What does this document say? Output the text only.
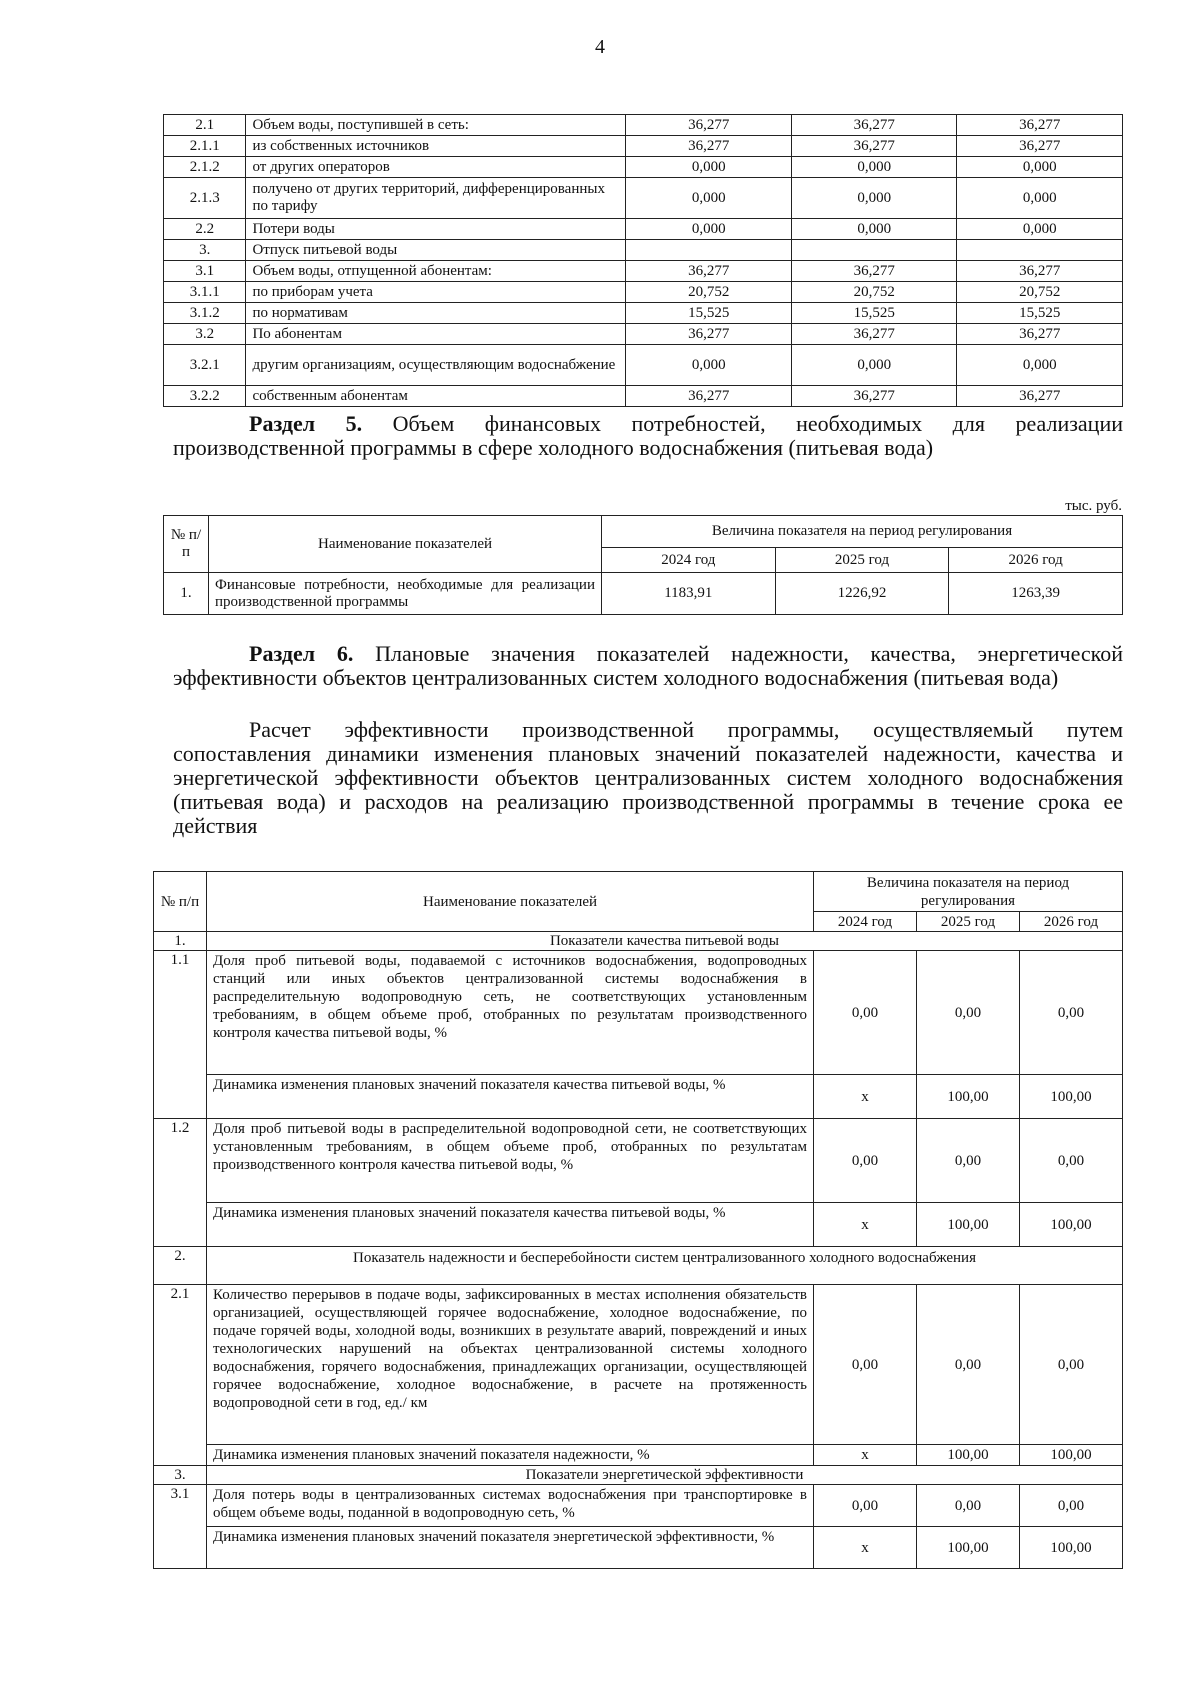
4
2.1	Объем воды, поступившей в сеть:	36,277	36,277	36,277
2.1.1	из собственных источников	36,277	36,277	36,277
2.1.2	от других операторов	0,000	0,000	0,000
2.1.3	получено от других территорий, дифференцированных по тарифу	0,000	0,000	0,000
2.2	Потери воды	0,000	0,000	0,000
3.	Отпуск питьевой воды			
3.1	Объем воды, отпущенной абонентам:	36,277	36,277	36,277
3.1.1	по приборам учета	20,752	20,752	20,752
3.1.2	по нормативам	15,525	15,525	15,525
3.2	По абонентам	36,277	36,277	36,277
3.2.1	другим организациям, осуществляющим водоснабжение	0,000	0,000	0,000
3.2.2	собственным абонентам	36,277	36,277	36,277
Раздел 5. Объем финансовых потребностей, необходимых для реализации производственной программы в сфере холодного водоснабжения (питьевая вода)
тыс. руб.
№ п/п	Наименование показателей	Величина показателя на период регулирования		
		2024 год	2025 год	2026 год
1.	Финансовые потребности, необходимые для реализации производственной программы	1183,91	1226,92	1263,39
Раздел 6. Плановые значения показателей надежности, качества, энергетической эффективности объектов централизованных систем холодного водоснабжения (питьевая вода)
Расчет эффективности производственной программы, осуществляемый путем сопоставления динамики изменения плановых значений показателей надежности, качества и энергетической эффективности объектов централизованных систем холодного водоснабжения (питьевая вода) и расходов на реализацию производственной программы в течение срока ее действия
№ п/п	Наименование показателей	Величина показателя на период регулирования		
		2024 год	2025 год	2026 год
1.	Показатели качества питьевой воды			
1.1	Доля проб питьевой воды, подаваемой с источников водоснабжения, водопроводных станций или иных объектов централизованной системы водоснабжения в распределительную водопроводную сеть, не соответствующих установленным требованиям, в общем объеме проб, отобранных по результатам производственного контроля качества питьевой воды, %	0,00	0,00	0,00
	Динамика изменения плановых значений показателя качества питьевой воды, %	х	100,00	100,00
1.2	Доля проб питьевой воды в распределительной водопроводной сети, не соответствующих установленным требованиям, в общем объеме проб, отобранных по результатам производственного контроля качества питьевой воды, %	0,00	0,00	0,00
	Динамика изменения плановых значений показателя качества питьевой воды, %	х	100,00	100,00
2.	Показатель надежности и бесперебойности систем централизованного холодного водоснабжения			
2.1	Количество перерывов в подаче воды, зафиксированных в местах исполнения обязательств организацией, осуществляющей горячее водоснабжение, холодное водоснабжение, по подаче горячей воды, холодной воды, возникших в результате аварий, повреждений и иных технологических нарушений на объектах централизованной системы холодного водоснабжения, горячего водоснабжения, принадлежащих организации, осуществляющей горячее водоснабжение, холодное водоснабжение, в расчете на протяженность водопроводной сети в год, ед./ км	0,00	0,00	0,00
	Динамика изменения плановых значений показателя надежности, %	х	100,00	100,00
3.	Показатели энергетической эффективности			
3.1	Доля потерь воды в централизованных системах водоснабжения при транспортировке в общем объеме воды, поданной в водопроводную сеть, %	0,00	0,00	0,00
	Динамика изменения плановых значений показателя энергетической эффективности, %	х	100,00	100,00
